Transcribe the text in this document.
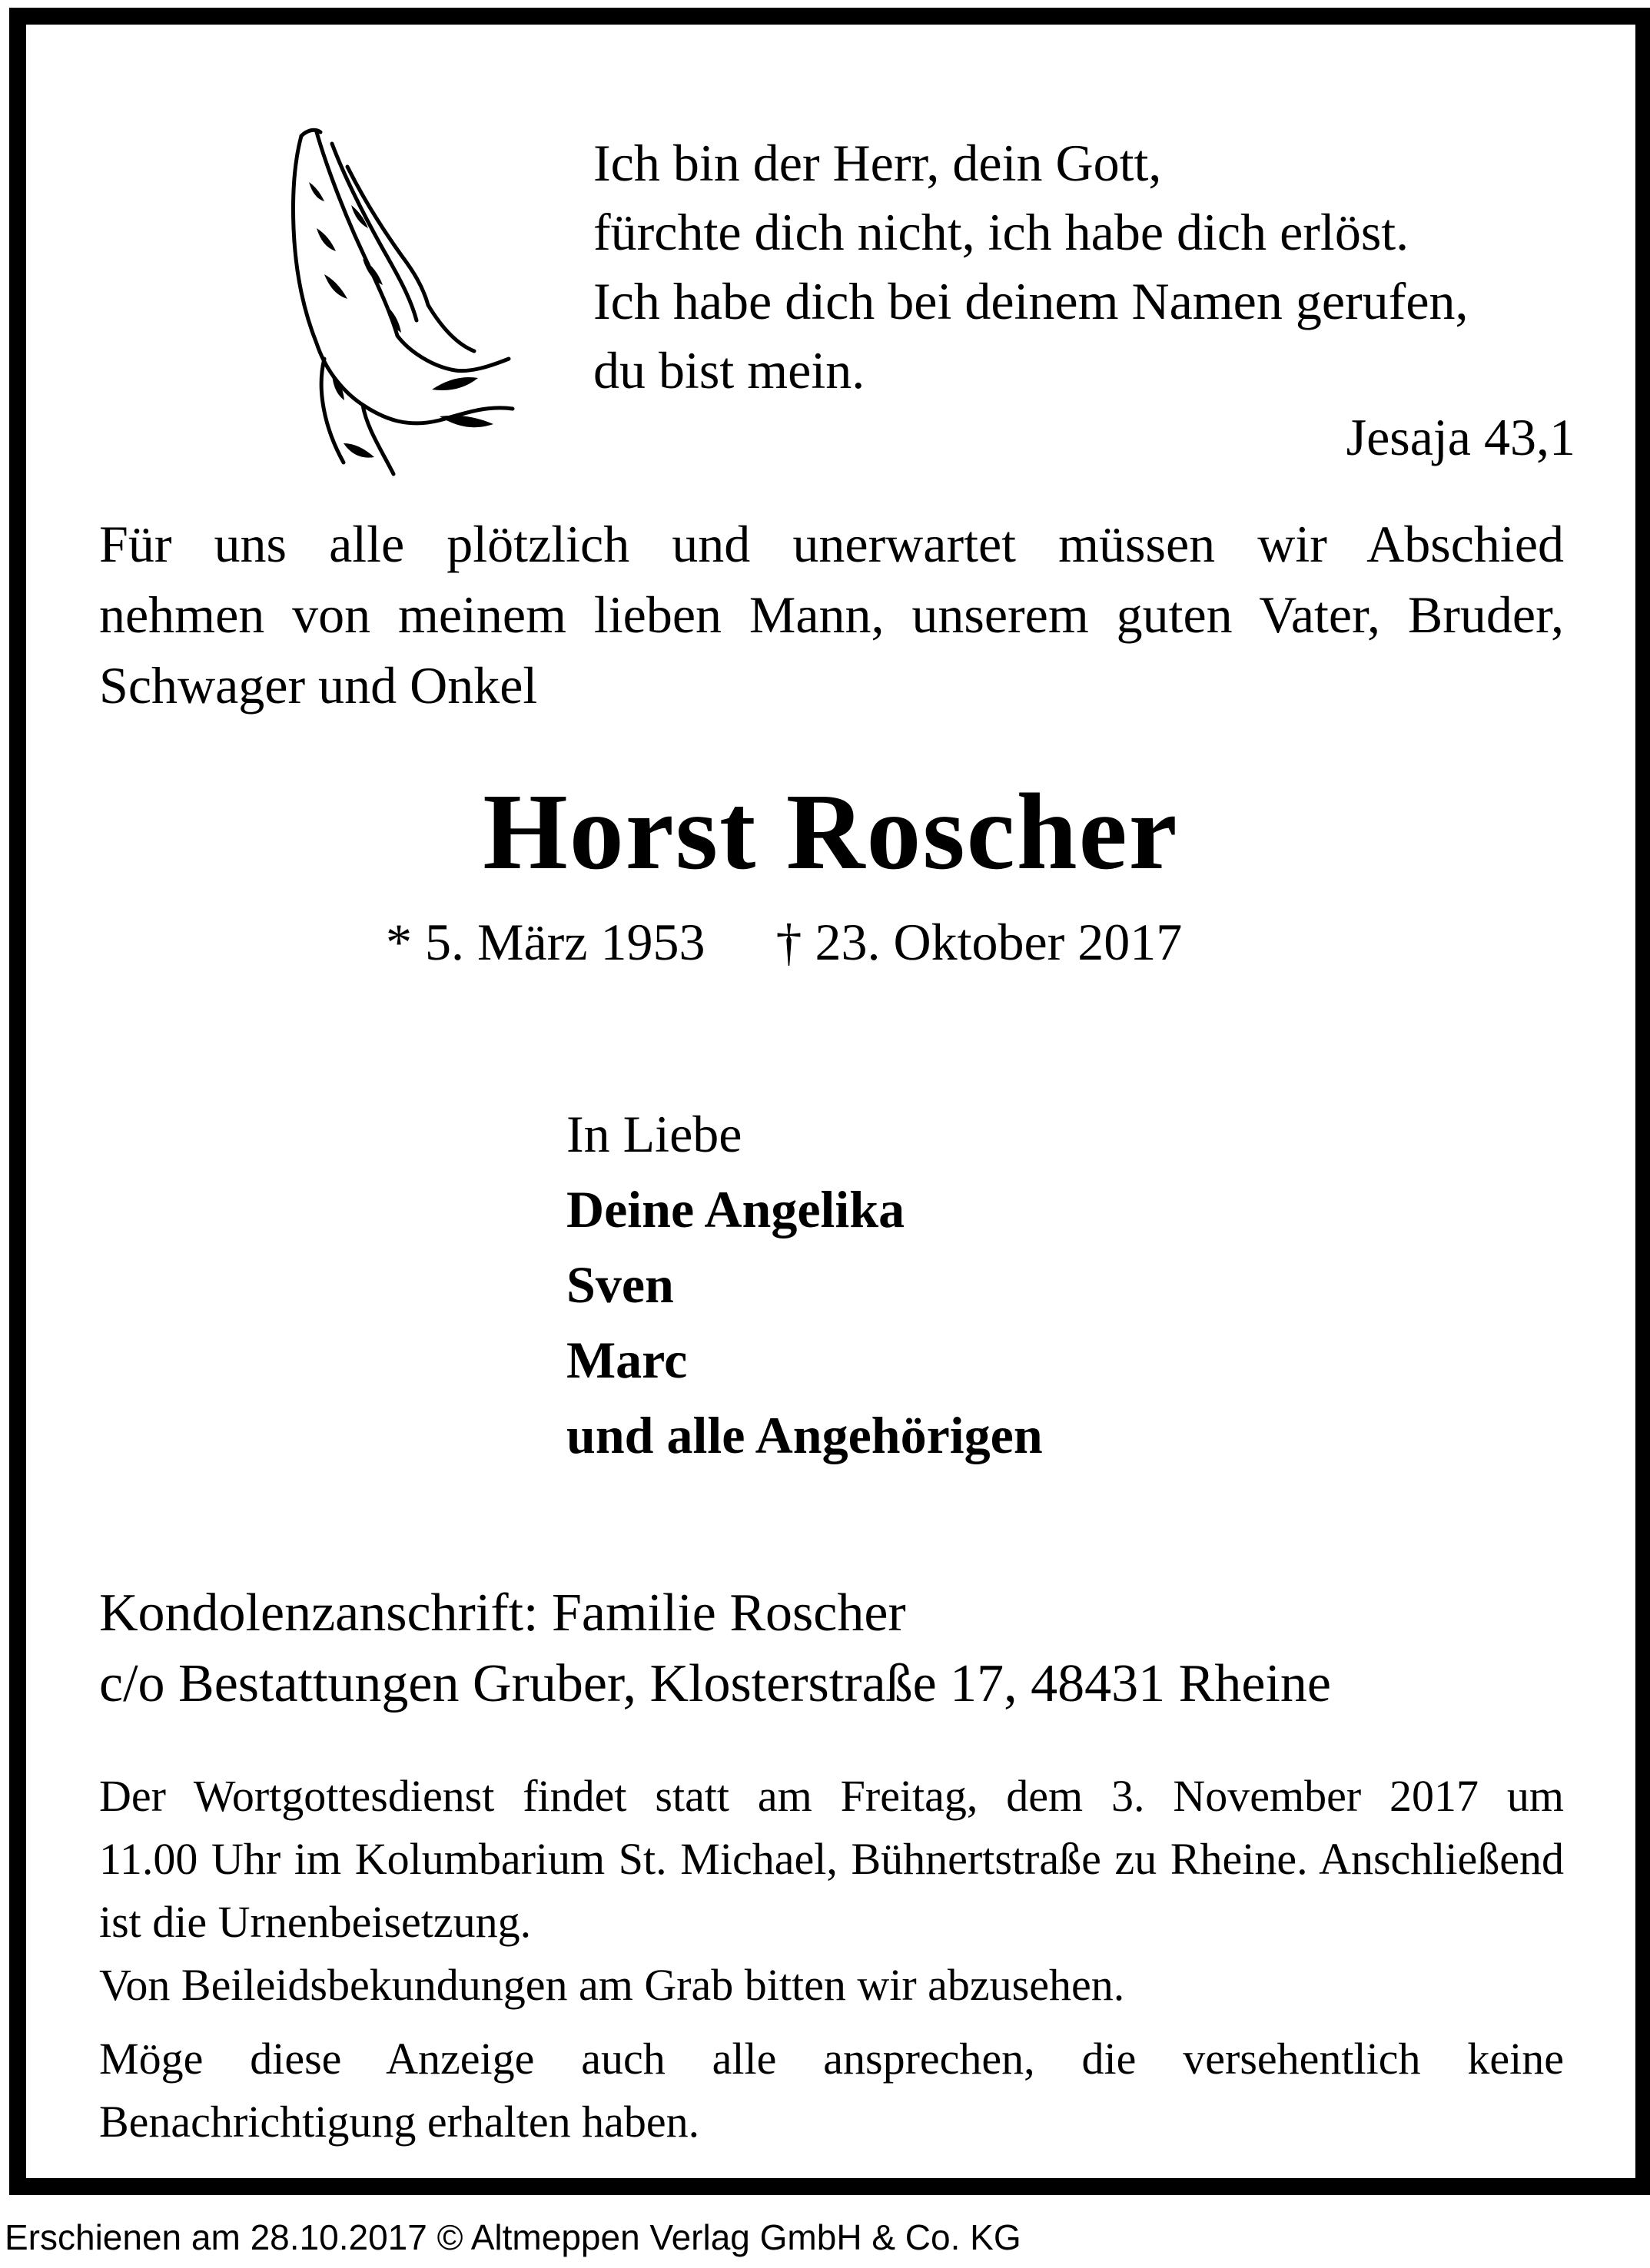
Ich bin der Herr, dein Gott,
fürchte dich nicht, ich habe dich erlöst.
Ich habe dich bei deinem Namen gerufen,
du bist mein.
Jesaja 43,1
Für uns alle plötzlich und unerwartet müssen wir Abschied
nehmen von meinem lieben Mann, unserem guten Vater, Bruder,
Schwager und Onkel
Horst Roscher
* 5. März 1953 † 23. Oktober 2017
In Liebe
Deine Angelika
Sven
Marc
und alle Angehörigen
Kondolenzanschrift: Familie Roscher
c/o Bestattungen Gruber, Klosterstraße 17, 48431 Rheine
Der Wortgottesdienst findet statt am Freitag, dem 3. November 2017 um
11.00 Uhr im Kolumbarium St. Michael, Bühnertstraße zu Rheine. Anschließend
ist die Urnenbeisetzung.
Von Beileidsbekundungen am Grab bitten wir abzusehen.
Möge diese Anzeige auch alle ansprechen, die versehentlich keine
Benachrichtigung erhalten haben.
Erschienen am 28.10.2017 © Altmeppen Verlag GmbH & Co. KG
